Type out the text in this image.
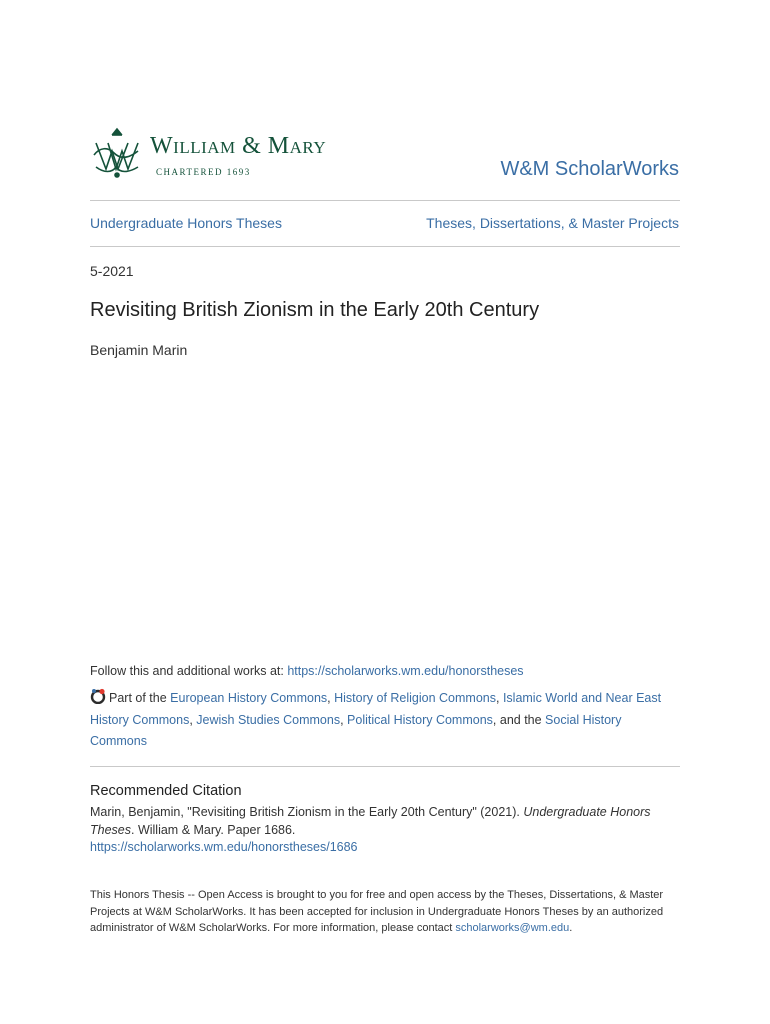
William & Mary
CHARTERED 1693	W&M ScholarWorks
Undergraduate Honors Theses	Theses, Dissertations, & Master Projects
5-2021
Revisiting British Zionism in the Early 20th Century
Benjamin Marin
Follow this and additional works at: https://scholarworks.wm.edu/honorstheses
Part of the European History Commons, History of Religion Commons, Islamic World and Near East History Commons, Jewish Studies Commons, Political History Commons, and the Social History Commons
Recommended Citation
Marin, Benjamin, "Revisiting British Zionism in the Early 20th Century" (2021). Undergraduate Honors Theses. William & Mary. Paper 1686.
https://scholarworks.wm.edu/honorstheses/1686
This Honors Thesis -- Open Access is brought to you for free and open access by the Theses, Dissertations, & Master Projects at W&M ScholarWorks. It has been accepted for inclusion in Undergraduate Honors Theses by an authorized administrator of W&M ScholarWorks. For more information, please contact scholarworks@wm.edu.
